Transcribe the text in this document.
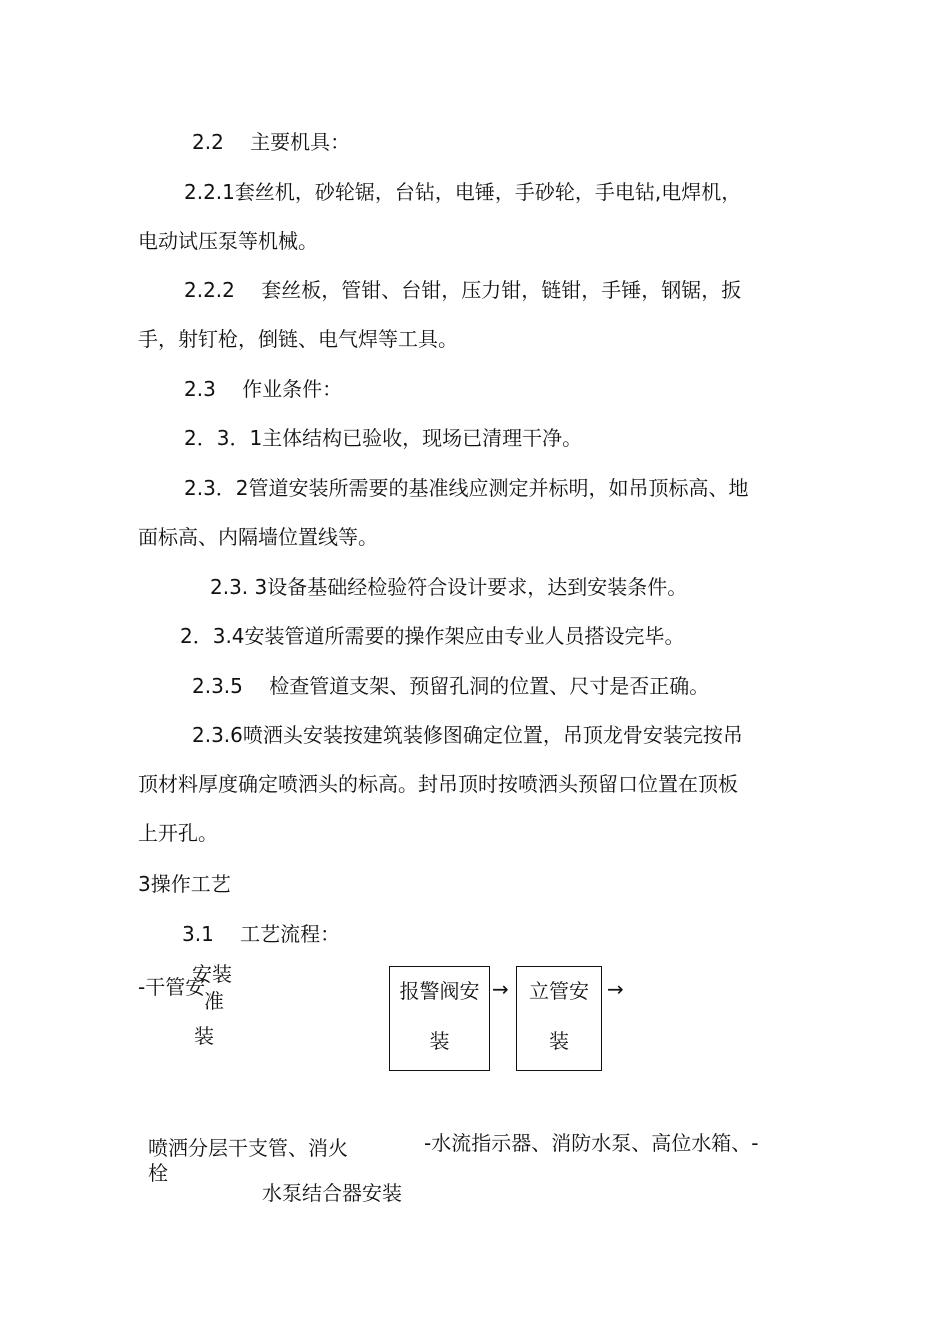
2.2　 主要机具：
2.2.1套丝机，砂轮锯，台钻，电锤，手砂轮，手电钻,电焊机，
电动试压泵等机械。
2.2.2　 套丝板，管钳、台钳，压力钳，链钳，手锤，钢锯，扳
手，射钉枪，倒链、电气焊等工具。
2.3　 作业条件：
2．3．1主体结构已验收，现场已清理干净。
2.3．2管道安装所需要的基准线应测定并标明，如吊顶标高、地
面标高、内隔墙位置线等。
2.3. 3设备基础经检验符合设计要求，达到安装条件。
2．3.4安装管道所需要的操作架应由专业人员搭设完毕。
2.3.5　 检查管道支架、预留孔洞的位置、尺寸是否正确。
2.3.6喷洒头安装按建筑装修图确定位置，吊顶龙骨安装完按吊
顶材料厚度确定喷洒头的标高。封吊顶时按喷洒头预留口位置在顶板
上开孔。
3操作工艺
3.1　 工艺流程：
-干管安
安装
准
装
报警阀安
装
→	立管安
装
→
喷洒分层干支管、消火
栓
-水流指示器、消防水泵、高位水箱、-
水泵结合器安装
